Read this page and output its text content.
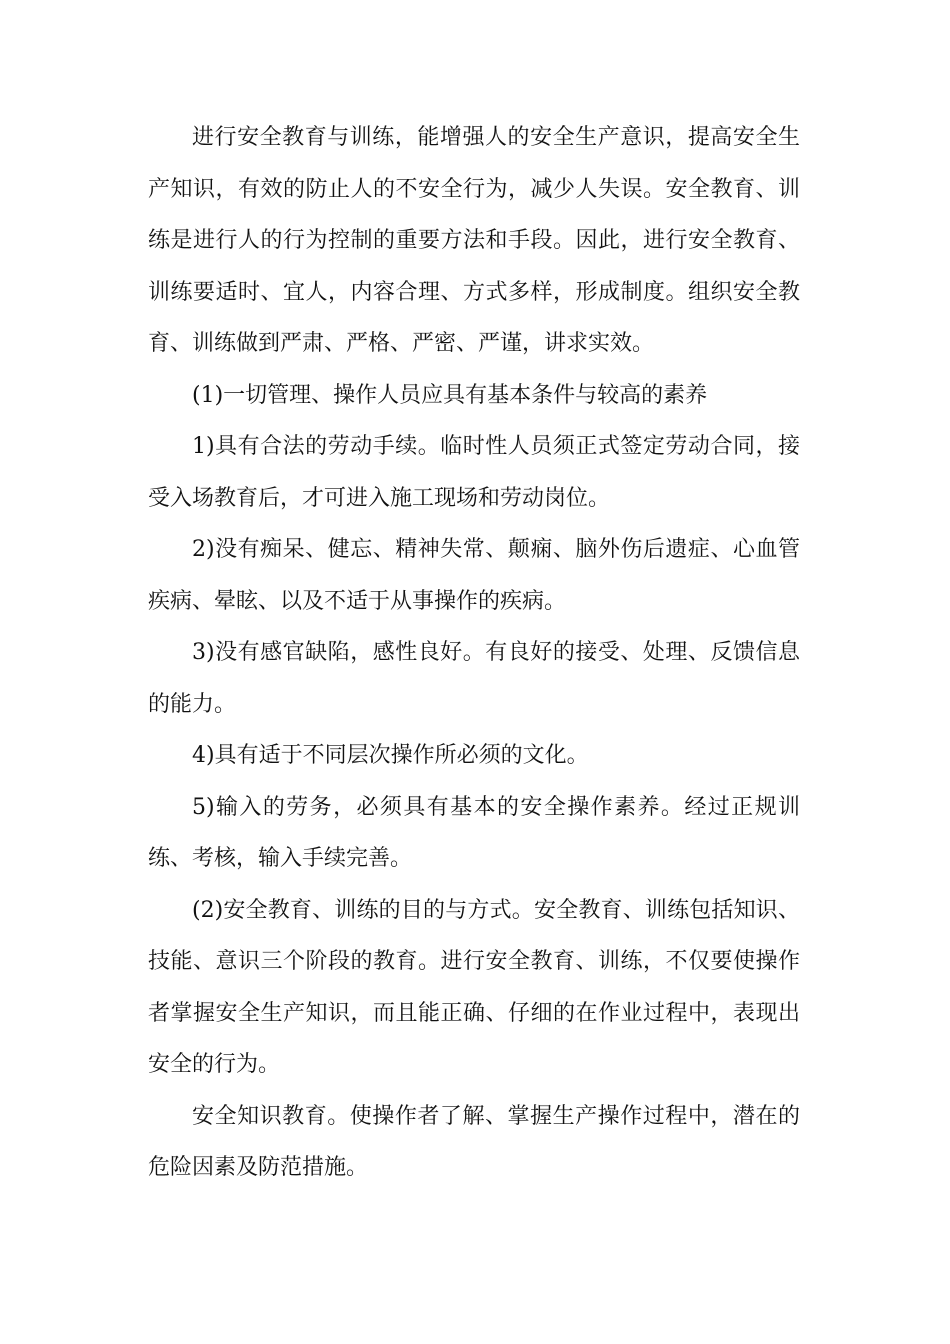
进行安全教育与训练，能增强人的安全生产意识，提高安全生产知识，有效的防止人的不安全行为，减少人失误。安全教育、训练是进行人的行为控制的重要方法和手段。因此，进行安全教育、训练要适时、宜人，内容合理、方式多样，形成制度。组织安全教育、训练做到严肃、严格、严密、严谨，讲求实效。

(1)一切管理、操作人员应具有基本条件与较高的素养

1)具有合法的劳动手续。临时性人员须正式签定劳动合同，接受入场教育后，才可进入施工现场和劳动岗位。

2)没有痴呆、健忘、精神失常、颠痫、脑外伤后遗症、心血管疾病、晕眩、以及不适于从事操作的疾病。

3)没有感官缺陷，感性良好。有良好的接受、处理、反馈信息的能力。

4)具有适于不同层次操作所必须的文化。

5)输入的劳务，必须具有基本的安全操作素养。经过正规训练、考核，输入手续完善。

(2)安全教育、训练的目的与方式。安全教育、训练包括知识、技能、意识三个阶段的教育。进行安全教育、训练，不仅要使操作者掌握安全生产知识，而且能正确、仔细的在作业过程中，表现出安全的行为。

安全知识教育。使操作者了解、掌握生产操作过程中，潜在的危险因素及防范措施。
